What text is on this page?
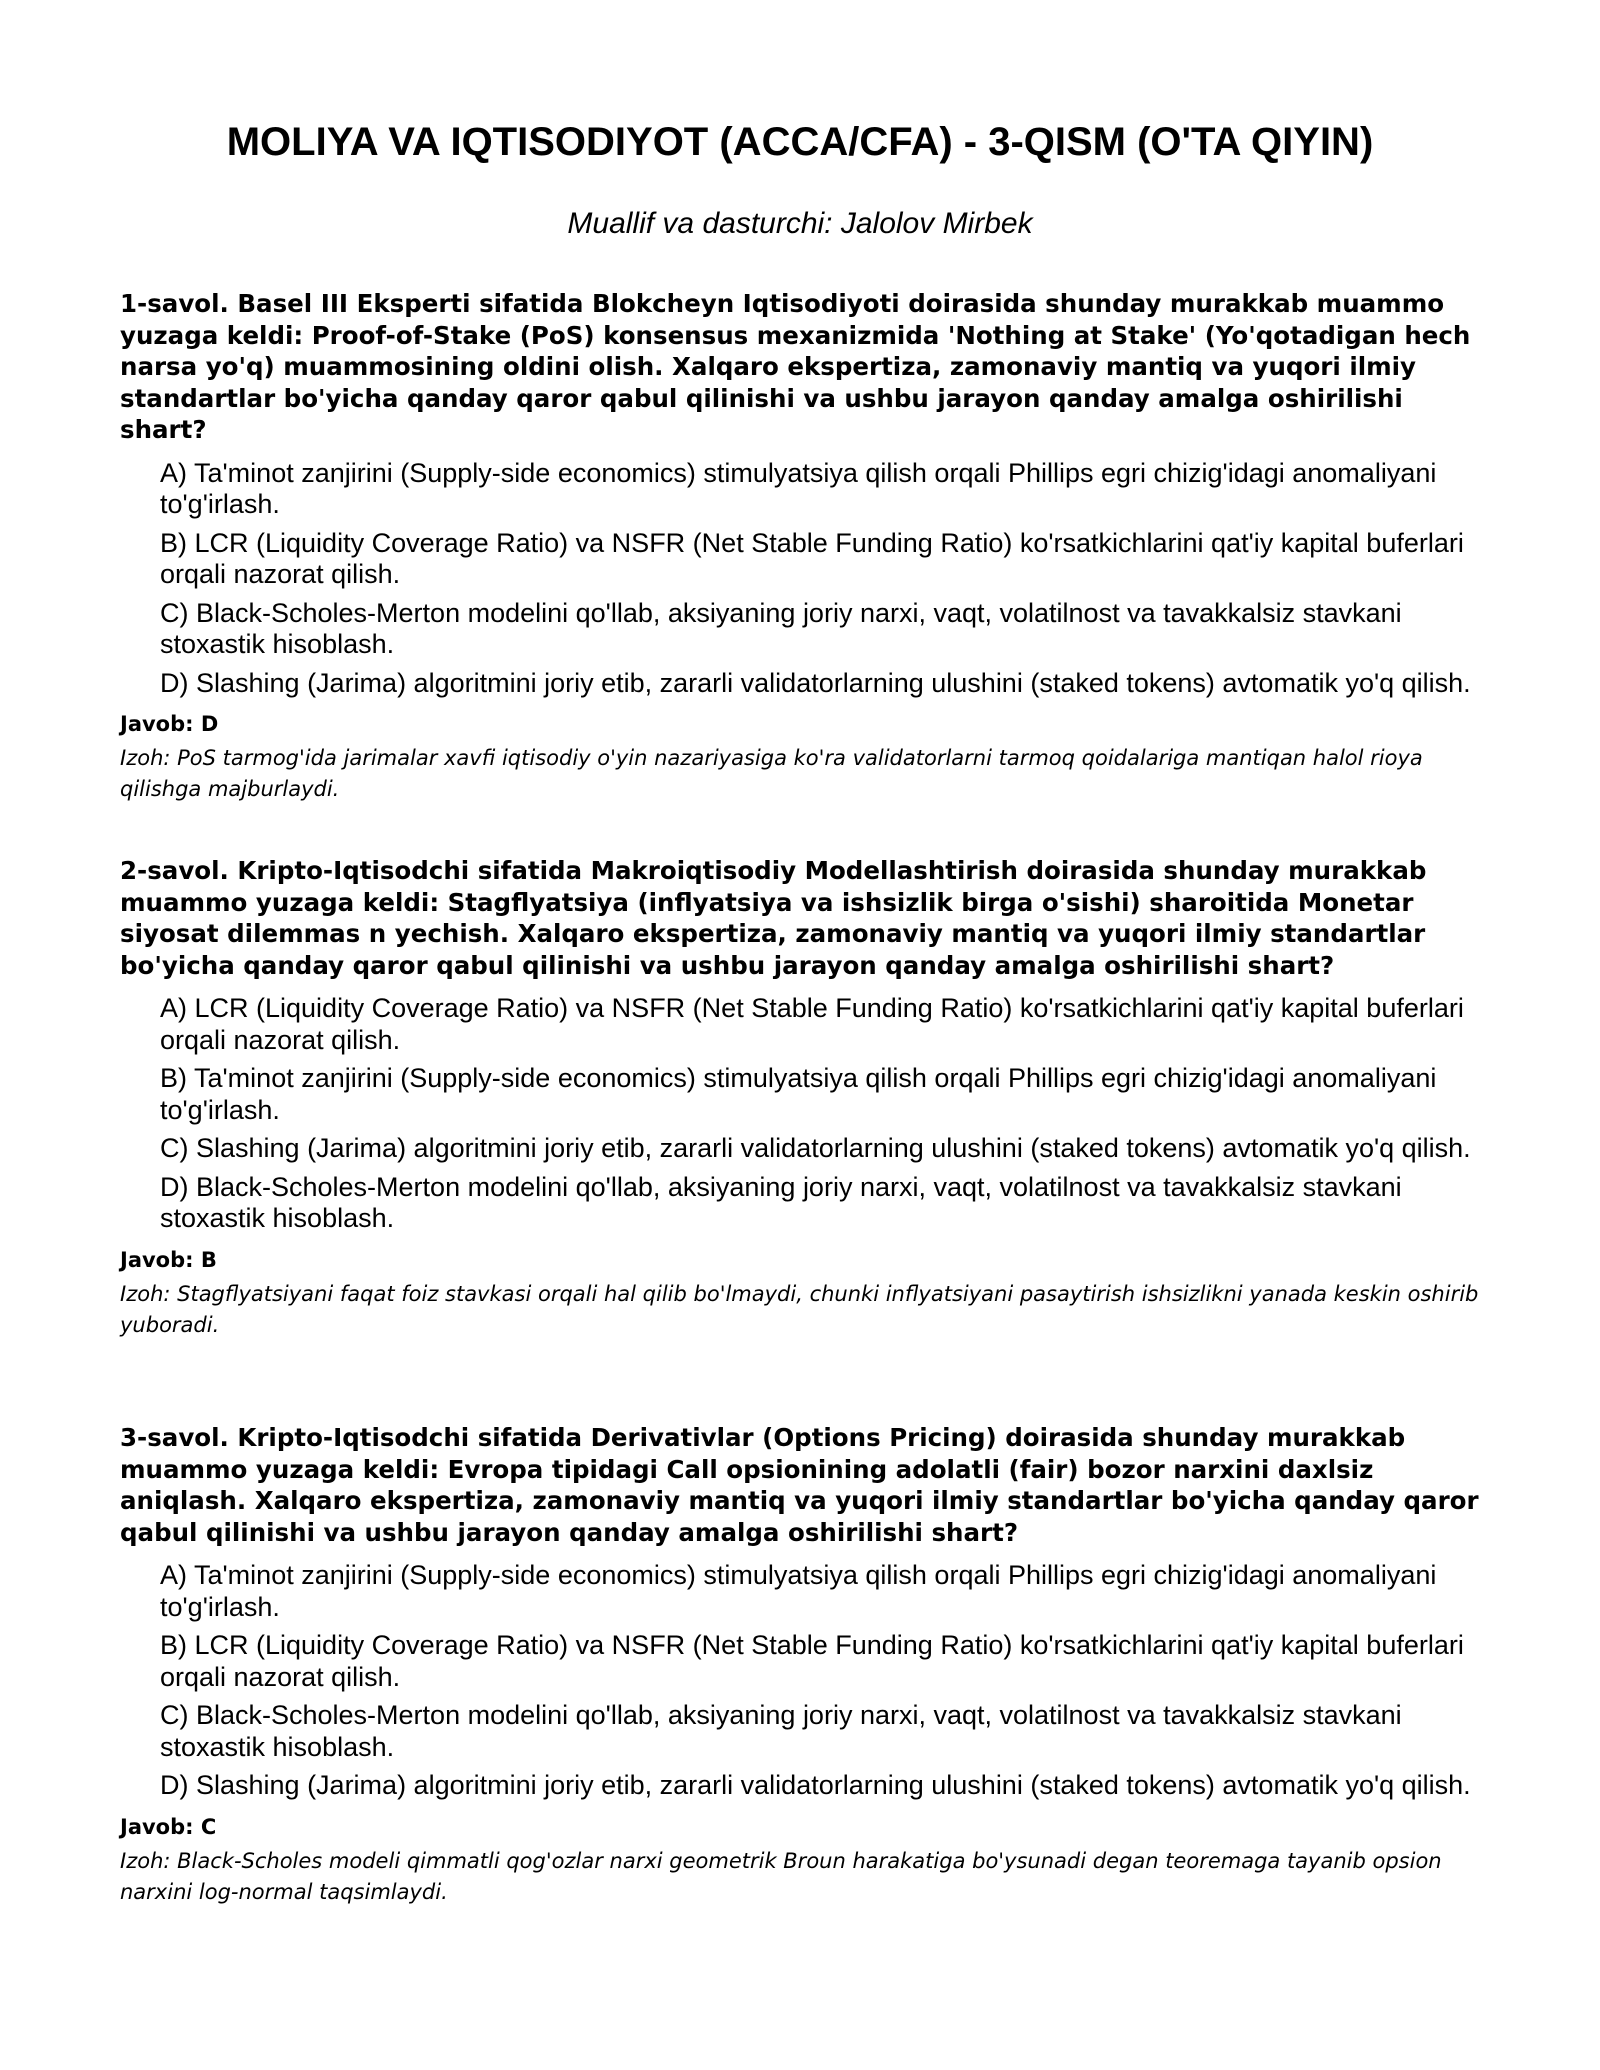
MOLIYA VA IQTISODIYOT (ACCA/CFA) - 3-QISM (O'TA QIYIN)
Muallif va dasturchi: Jalolov Mirbek

1-savol. Basel III Eksperti sifatida Blokcheyn Iqtisodiyoti doirasida shunday murakkab muammo yuzaga keldi: Proof-of-Stake (PoS) konsensus mexanizmida 'Nothing at Stake' (Yo'qotadigan hech narsa yo'q) muammosining oldini olish. Xalqaro ekspertiza, zamonaviy mantiq va yuqori ilmiy standartlar bo'yicha qanday qaror qabul qilinishi va ushbu jarayon qanday amalga oshirilishi shart?

A) Ta'minot zanjirini (Supply-side economics) stimulyatsiya qilish orqali Phillips egri chizig'idagi anomaliyani to'g'irlash.

B) LCR (Liquidity Coverage Ratio) va NSFR (Net Stable Funding Ratio) ko'rsatkichlarini qat'iy kapital buferlari orqali nazorat qilish.

C) Black-Scholes-Merton modelini qo'llab, aksiyaning joriy narxi, vaqt, volatilnost va tavakkalsiz stavkani stoxastik hisoblash.

D) Slashing (Jarima) algoritmini joriy etib, zararli validatorlarning ulushini (staked tokens) avtomatik yo'q qilish.

Javob: D

Izoh: PoS tarmog'ida jarimalar xavfi iqtisodiy o'yin nazariyasiga ko'ra validatorlarni tarmoq qoidalariga mantiqan halol rioya qilishga majburlaydi.

2-savol. Kripto-Iqtisodchi sifatida Makroiqtisodiy Modellashtirish doirasida shunday murakkab muammo yuzaga keldi: Stagflyatsiya (inflyatsiya va ishsizlik birga o'sishi) sharoitida Monetar siyosat dilemmas n yechish. Xalqaro ekspertiza, zamonaviy mantiq va yuqori ilmiy standartlar bo'yicha qanday qaror qabul qilinishi va ushbu jarayon qanday amalga oshirilishi shart?

A) LCR (Liquidity Coverage Ratio) va NSFR (Net Stable Funding Ratio) ko'rsatkichlarini qat'iy kapital buferlari orqali nazorat qilish.

B) Ta'minot zanjirini (Supply-side economics) stimulyatsiya qilish orqali Phillips egri chizig'idagi anomaliyani to'g'irlash.

C) Slashing (Jarima) algoritmini joriy etib, zararli validatorlarning ulushini (staked tokens) avtomatik yo'q qilish.

D) Black-Scholes-Merton modelini qo'llab, aksiyaning joriy narxi, vaqt, volatilnost va tavakkalsiz stavkani stoxastik hisoblash.

Javob: B

Izoh: Stagflyatsiyani faqat foiz stavkasi orqali hal qilib bo'lmaydi, chunki inflyatsiyani pasaytirish ishsizlikni yanada keskin oshirib yuboradi.

3-savol. Kripto-Iqtisodchi sifatida Derivativlar (Options Pricing) doirasida shunday murakkab muammo yuzaga keldi: Evropa tipidagi Call opsionining adolatli (fair) bozor narxini daxlsiz aniqlash. Xalqaro ekspertiza, zamonaviy mantiq va yuqori ilmiy standartlar bo'yicha qanday qaror qabul qilinishi va ushbu jarayon qanday amalga oshirilishi shart?

A) Ta'minot zanjirini (Supply-side economics) stimulyatsiya qilish orqali Phillips egri chizig'idagi anomaliyani to'g'irlash.

B) LCR (Liquidity Coverage Ratio) va NSFR (Net Stable Funding Ratio) ko'rsatkichlarini qat'iy kapital buferlari orqali nazorat qilish.

C) Black-Scholes-Merton modelini qo'llab, aksiyaning joriy narxi, vaqt, volatilnost va tavakkalsiz stavkani stoxastik hisoblash.

D) Slashing (Jarima) algoritmini joriy etib, zararli validatorlarning ulushini (staked tokens) avtomatik yo'q qilish.

Javob: C

Izoh: Black-Scholes modeli qimmatli qog'ozlar narxi geometrik Broun harakatiga bo'ysunadi degan teoremaga tayanib opsion narxini log-normal taqsimlaydi.
